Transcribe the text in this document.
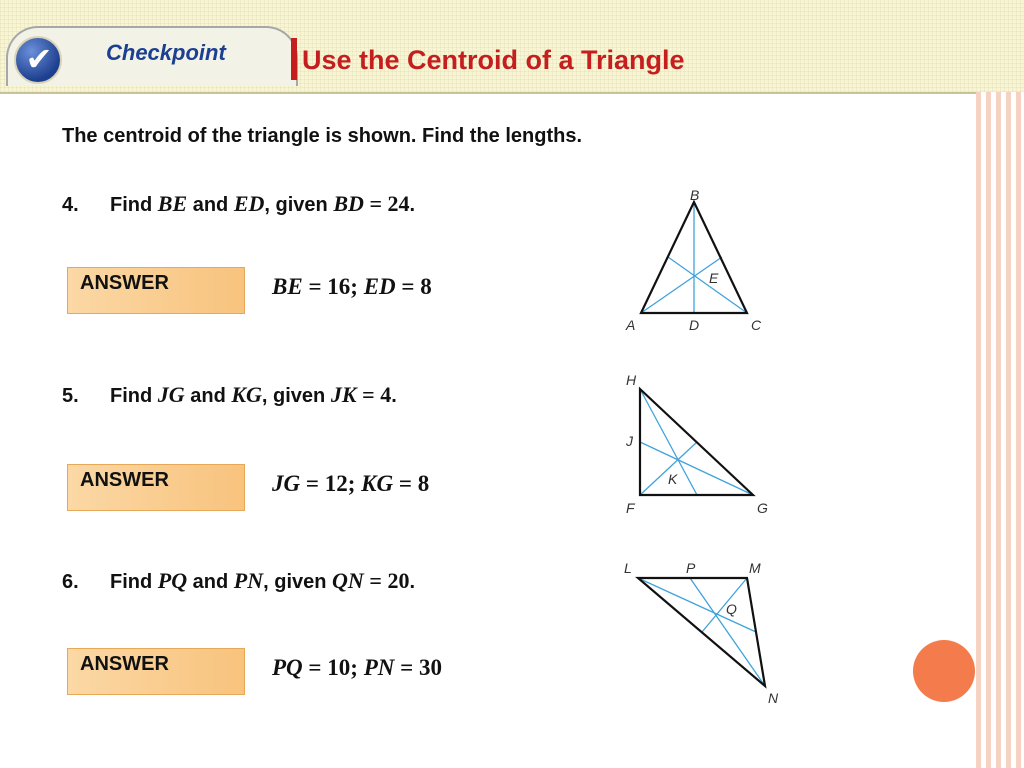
✔ Checkpoint	Use the Centroid of a Triangle
The centroid of the triangle is shown. Find the lengths.
4. Find BE and ED, given BD = 24.
ANSWER	BE = 16; ED = 8
5. Find JG and KG, given JK = 4.
ANSWER	JG = 12; KG = 8
6. Find PQ and PN, given QN = 20.
ANSWER	PQ = 10; PN = 30
B
E
A	D	C
H
J
K
F	G
L	P	M
Q
N
